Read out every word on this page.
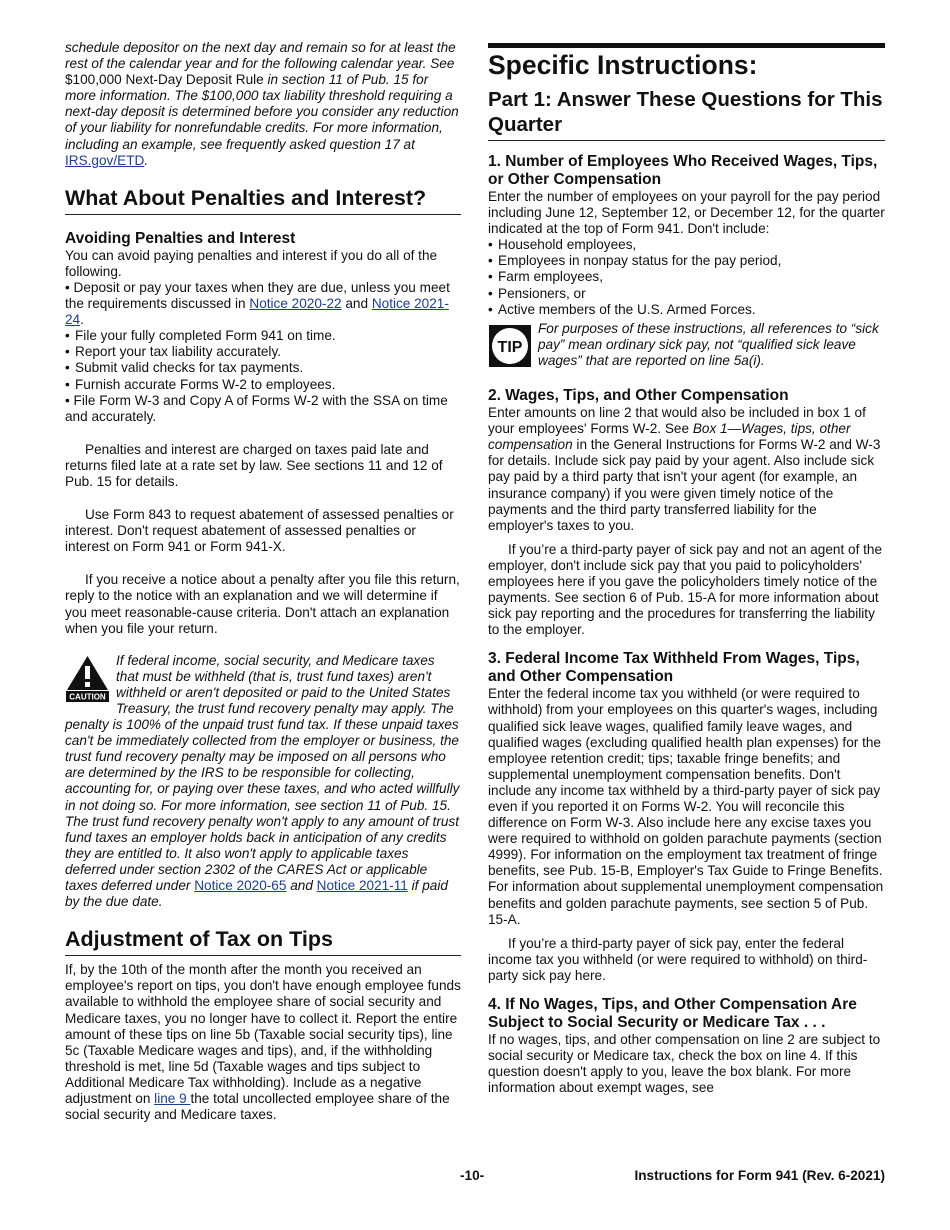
schedule depositor on the next day and remain so for at least the rest of the calendar year and for the following calendar year. See $100,000 Next-Day Deposit Rule in section 11 of Pub. 15 for more information. The $100,000 tax liability threshold requiring a next-day deposit is determined before you consider any reduction of your liability for nonrefundable credits. For more information, including an example, see frequently asked question 17 at IRS.gov/ETD.

What About Penalties and Interest?
Avoiding Penalties and Interest

You can avoid paying penalties and interest if you do all of the following.

• Deposit or pay your taxes when they are due, unless you meet the requirements discussed in Notice 2020-22 and Notice 2021-24.

• File your fully completed Form 941 on time.
• Report your tax liability accurately.
• Submit valid checks for tax payments.
• Furnish accurate Forms W-2 to employees.

• File Form W-3 and Copy A of Forms W-2 with the SSA on time and accurately.

Penalties and interest are charged on taxes paid late and returns filed late at a rate set by law. See sections 11 and 12 of Pub. 15 for details.

Use Form 843 to request abatement of assessed penalties or interest. Don't request abatement of assessed penalties or interest on Form 941 or Form 941-X.

If you receive a notice about a penalty after you file this return, reply to the notice with an explanation and we will determine if you meet reasonable-cause criteria. Don't attach an explanation when you file your return.

CAUTION

If federal income, social security, and Medicare taxes that must be withheld (that is, trust fund taxes) aren't withheld or aren't deposited or paid to the United States Treasury, the trust fund recovery penalty may apply. The penalty is 100% of the unpaid trust fund tax. If these unpaid taxes can't be immediately collected from the employer or business, the trust fund recovery penalty may be imposed on all persons who are determined by the IRS to be responsible for collecting, accounting for, or paying over these taxes, and who acted willfully in not doing so. For more information, see section 11 of Pub. 15. The trust fund recovery penalty won't apply to any amount of trust fund taxes an employer holds back in anticipation of any credits they are entitled to. It also won't apply to applicable taxes deferred under section 2302 of the CARES Act or applicable taxes deferred under Notice 2020-65 and Notice 2021-11 if paid by the due date.

Adjustment of Tax on Tips

If, by the 10th of the month after the month you received an employee's report on tips, you don't have enough employee funds available to withhold the employee share of social security and Medicare taxes, you no longer have to collect it. Report the entire amount of these tips on line 5b (Taxable social security tips), line 5c (Taxable Medicare wages and tips), and, if the withholding threshold is met, line 5d (Taxable wages and tips subject to Additional Medicare Tax withholding). Include as a negative adjustment on line 9 the total uncollected employee share of the social security and Medicare taxes.

Specific Instructions:
Part 1: Answer These Questions for This Quarter
1. Number of Employees Who Received Wages, Tips, or Other Compensation

Enter the number of employees on your payroll for the pay period including June 12, September 12, or December 12, for the quarter indicated at the top of Form 941. Don't include:

• Household employees,
• Employees in nonpay status for the pay period,
• Farm employees,
• Pensioners, or
• Active members of the U.S. Armed Forces.
TIP

For purposes of these instructions, all references to “sick pay” mean ordinary sick pay, not “qualified sick leave wages” that are reported on line 5a(i).

2. Wages, Tips, and Other Compensation

Enter amounts on line 2 that would also be included in box 1 of your employees' Forms W-2. See Box 1—Wages, tips, other compensation in the General Instructions for Forms W-2 and W-3 for details. Include sick pay paid by your agent. Also include sick pay paid by a third party that isn't your agent (for example, an insurance company) if you were given timely notice of the payments and the third party transferred liability for the employer's taxes to you.

If you’re a third-party payer of sick pay and not an agent of the employer, don't include sick pay that you paid to policyholders' employees here if you gave the policyholders timely notice of the payments. See section 6 of Pub. 15-A for more information about sick pay reporting and the procedures for transferring the liability to the employer.

3. Federal Income Tax Withheld From Wages, Tips, and Other Compensation

Enter the federal income tax you withheld (or were required to withhold) from your employees on this quarter's wages, including qualified sick leave wages, qualified family leave wages, and qualified wages (excluding qualified health plan expenses) for the employee retention credit; tips; taxable fringe benefits; and supplemental unemployment compensation benefits. Don't include any income tax withheld by a third-party payer of sick pay even if you reported it on Forms W-2. You will reconcile this difference on Form W-3. Also include here any excise taxes you were required to withhold on golden parachute payments (section 4999). For information on the employment tax treatment of fringe benefits, see Pub. 15-B, Employer's Tax Guide to Fringe Benefits. For information about supplemental unemployment compensation benefits and golden parachute payments, see section 5 of Pub. 15-A.

If you’re a third-party payer of sick pay, enter the federal income tax you withheld (or were required to withhold) on third-party sick pay here.

4. If No Wages, Tips, and Other Compensation Are Subject to Social Security or Medicare Tax . . .

If no wages, tips, and other compensation on line 2 are subject to social security or Medicare tax, check the box on line 4. If this question doesn't apply to you, leave the box blank. For more information about exempt wages, see

-10-	Instructions for Form 941 (Rev. 6-2021)
